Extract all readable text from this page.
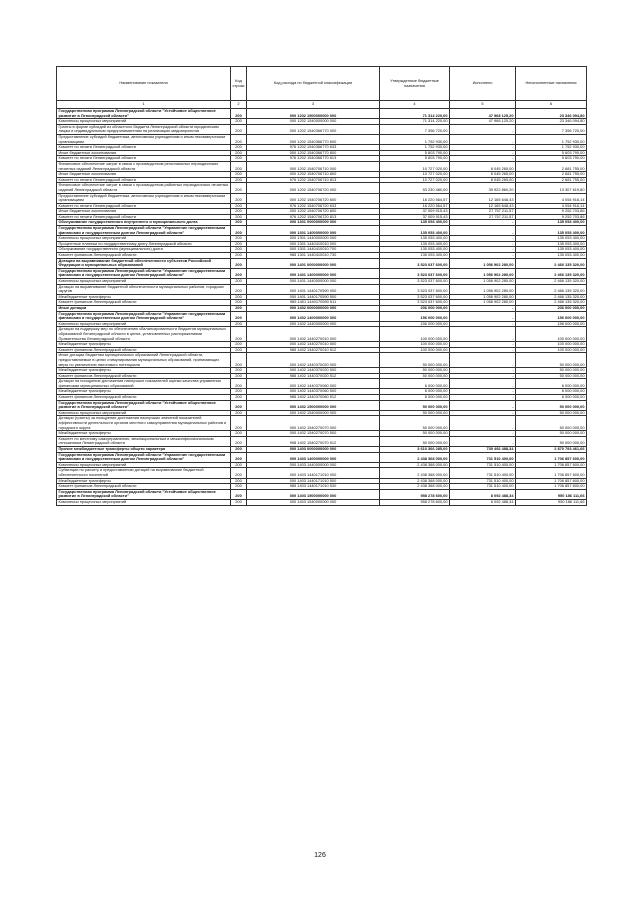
Наименование показателя	Код строки	Код расхода по бюджетной классификации	Утвержденные бюджетные назначения	Исполнено	Неисполненные назначения
1	2	3	4	5	6
Государственная программа Ленинградской области "Устойчивое общественное развитие в Ленинградской области"	200	000 1202 1500000000 000	71 314 220,00	47 968 125,20	23 346 094,80
Комплексы процессных мероприятий	200	000 1202 1540000000 000	71 314 220,00	47 968 125,20	23 346 094,80
Гранты в форме субсидий из областного бюджета Ленинградской области юридическим лицам и индивидуальным предпринимателям на реализацию медиапроектов	200	000 1202 1540366770 000	7 356 720,00	-	7 356 720,00
Предоставление субсидий бюджетным, автономным учреждениям и иным некоммерческим организациям	200	000 1202 1540366770 600	1 752 930,00	-	1 752 930,00
Комитет по печати Ленинградской области	200	976 1202 1540366770 633	1 752 930,00	-	1 752 930,00
Иные бюджетные ассигнования	200	000 1202 1540366770 800	5 603 790,00	-	5 603 790,00
Комитет по печати Ленинградской области	200	976 1202 1540366770 813	5 603 790,00	-	5 603 790,00
Финансовое обеспечение затрат в связи с производством региональных периодических печатных изданий Ленинградской области	200	000 1202 1540706710 000	10 727 020,00	8 045 265,00	2 681 755,00
Иные бюджетные ассигнования	200	000 1202 1540706710 800	10 727 020,00	8 045 265,00	2 681 755,00
Комитет по печати Ленинградской области	200	976 1202 1540706710 813	10 727 020,00	8 045 265,00	2 681 755,00
Финансовое обеспечение затрат в связи с производством районных периодических печатных изданий Ленинградской области	200	000 1202 1540706720 000	53 230 480,00	39 922 860,20	13 307 619,80
Предоставление субсидий бюджетным, автономным учреждениям и иным некоммерческим организациям	200	000 1202 1540706720 600	16 220 564,57	12 165 648,43	4 054 916,14
Комитет по печати Ленинградской области	200	976 1202 1540706720 633	16 220 564,57	12 165 648,43	4 054 916,14
Иные бюджетные ассигнования	200	000 1202 1540706720 800	37 009 915,43	27 757 211,57	9 252 703,86
Комитет по печати Ленинградской области	200	976 1202 1540706720 813	37 009 915,43	27 757 211,57	9 252 703,86
Обслуживание государственного внутреннего и муниципального долга	200	000 1301 0000000000 000	135 053 400,00	-	135 053 400,00
Государственная программа Ленинградской области "Управление государственными финансами и государственным долгом Ленинградской области"	200	000 1301 1400000000 000	135 053 400,00	-	135 053 400,00
Комплексы процессных мероприятий	200	000 1301 1440000000 000	135 053 400,00	-	135 053 400,00
Процентные платежи по государственному долгу Ленинградской области	200	000 1301 1440410010 000	135 053 400,00	-	135 053 400,00
Обслуживание государственного (муниципального) долга	200	000 1301 1440410010 700	135 053 400,00	-	135 053 400,00
Комитет финансов Ленинградской области	200	985 1301 1440410010 730	135 053 400,00	-	135 053 400,00
Дотации на выравнивание бюджетной обеспеченности субъектов Российской Федерации и муниципальных образований	200	000 1401 0000000000 000	3 523 037 600,00	1 056 902 280,00	2 466 135 320,00
Государственная программа Ленинградской области "Управление государственными финансами и государственным долгом Ленинградской области"	200	000 1401 1400000000 000	3 523 037 600,00	1 056 902 280,00	2 466 135 320,00
Комплексы процессных мероприятий	200	000 1401 1440000000 000	3 523 037 600,00	1 056 902 280,00	2 466 135 320,00
Дотации на выравнивание бюджетной обеспеченности муниципальных районов, городских округов	200	000 1401 1440170590 000	3 523 037 600,00	1 056 902 280,00	2 466 135 320,00
Межбюджетные трансферты	200	000 1401 1440170590 500	3 523 037 600,00	1 056 902 280,00	2 466 135 320,00
Комитет финансов Ленинградской области	200	985 1401 1440170590 511	3 523 037 600,00	1 056 902 280,00	2 466 135 320,00
Иные дотации	200	000 1402 0000000000 000	206 000 000,00	-	206 000 000,00
Государственная программа Ленинградской области "Управление государственными финансами и государственным долгом Ленинградской области"	200	000 1402 1400000000 000	156 000 000,00	-	156 000 000,00
Комплексы процессных мероприятий	200	000 1402 1440000000 000	156 000 000,00	-	156 000 000,00
Дотации на поддержку мер по обеспечению сбалансированности бюджетов муниципальных образований Ленинградской области в целях, установленных распоряжениями Правительства Ленинградской области	200	000 1402 1440270010 000	100 000 000,00	-	100 000 000,00
Межбюджетные трансферты	200	000 1402 1440270010 500	100 000 000,00	-	100 000 000,00
Комитет финансов Ленинградской области	200	985 1402 1440270010 512	100 000 000,00	-	100 000 000,00
Иные дотации бюджетам муниципальных образований Ленинградской области, предоставляемые в целях стимулирования муниципальных образований, принимающих меры по увеличению налогового потенциала	200	000 1402 1440370020 000	50 000 000,00	-	50 000 000,00
Межбюджетные трансферты	200	000 1402 1440370020 500	50 000 000,00	-	50 000 000,00
Комитет финансов Ленинградской области	200	985 1402 1440370020 512	50 000 000,00	-	50 000 000,00
Дотации на поощрение достижения наилучших показателей оценки качества управления финансами муниципальных образований	200	000 1402 1440370060 000	6 000 000,00	-	6 000 000,00
Межбюджетные трансферты	200	000 1402 1440370060 500	6 000 000,00	-	6 000 000,00
Комитет финансов Ленинградской области	200	985 1402 1440370060 512	6 000 000,00	-	6 000 000,00
Государственная программа Ленинградской области "Устойчивое общественное развитие в Ленинградской области"	200	000 1402 1500000000 000	50 000 000,00	-	50 000 000,00
Комплексы процессных мероприятий	200	000 1402 1540000000 000	50 000 000,00	-	50 000 000,00
Дотации (гранты) за поощрение достижения наилучших значений показателей эффективности деятельности органов местного самоуправления муниципальных районов и городского округа	200	000 1402 1540270070 000	50 000 000,00	-	50 000 000,00
Межбюджетные трансферты	200	000 1402 1540270070 500	50 000 000,00	-	50 000 000,00
Комитет по местному самоуправлению, межнациональным и межконфессиональным отношениям Ленинградской области	200	998 1402 1540270070 512	50 000 000,00	-	50 000 000,00
Прочие межбюджетные трансферты общего характера	200	000 1403 0000000000 000	3 610 366 285,00	739 492 488,34	2 870 793 461,66
Государственная программа Ленинградской области "Управление государственными финансами и государственным долгом Ленинградской области"	200	000 1403 1400000000 000	2 438 368 000,00	731 510 400,00	1 706 857 600,00
Комплексы процессных мероприятий	200	000 1403 1440000000 000	2 438 368 000,00	731 510 400,00	1 706 857 600,00
Субвенции по расчету и предоставлению дотаций на выравнивание бюджетной обеспеченности поселений	200	000 1403 1440171010 000	2 438 368 000,00	731 510 400,00	1 706 857 600,00
Межбюджетные трансферты	200	000 1403 1440171010 500	2 438 368 000,00	731 510 400,00	1 706 857 600,00
Комитет финансов Ленинградской области	200	985 1403 1440171010 530	2 438 368 000,00	731 510 400,00	1 706 857 600,00
Государственная программа Ленинградской области "Устойчивое общественное развитие в Ленинградской области"	200	000 1403 1500000000 000	958 278 600,00	8 092 488,34	950 186 111,66
Комплексы процессных мероприятий	200	000 1403 1540000000 000	958 278 600,00	8 092 488,34	950 186 111,66
126
